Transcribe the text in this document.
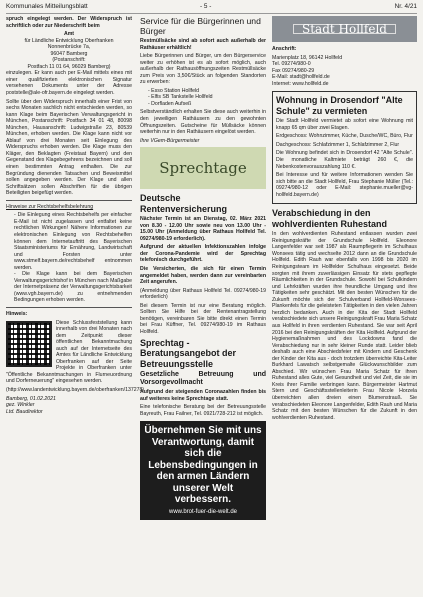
Kommunales Mitteilungsblatt	- 5 -	Nr. 4/21

spruch eingelegt werden. Der Widerspruch ist schriftlich oder zur Niederschrift beim

Amt
für Ländliche Entwicklung Oberfranken
Nonnenbrücke 7a,
96047 Bamberg
(Postanschrift:
Postfach 11 01 64, 96029 Bamberg)

einzulegen. Er kann auch per E-Mail mittels eines mit einer qualifizierten elektronischen Signatur versehenen Dokuments unter der Adresse poststelle@ale-ofr.bayern.de eingelegt werden.

Sollte über den Widerspruch innerhalb einer Frist von sechs Monaten sachlich nicht entschieden werden, so kann Klage beim Bayerischen Verwaltungsgericht in München, Postanschrift: Postfach 34 01 48, 80098 München, Hausanschrift: Ludwigstraße 23, 80539 München, erhoben werden. Die Klage kann nicht vor Ablauf von drei Monaten seit Einlegung des Widerspruchs erhoben werden. Die Klage muss den Kläger, den Beklagten (Freistaat Bayern) und den Gegenstand des Klagebegehrens bezeichnen und soll einen bestimmten Antrag enthalten. Die zur Begründung dienenden Tatsachen und Beweismittel sollen angegeben werden. Der Klage und allen Schriftsätzen sollen Abschriften für die übrigen Beteiligten beigefügt werden.

Hinweise zur Rechtsbehelfsbelehrung

- Die Einlegung eines Rechtsbehelfs per einfacher E-Mail ist nicht zugelassen und entfaltet keine rechtlichen Wirkungen! Nähere Informationen zur elektronischen Einlegung von Rechtsbehelfen können dem Internetauftritt des Bayerischen Staatsministeriums für Ernährung, Landwirtschaft und Forsten unter www.stmelf.bayern.de/rechtsbehelf entnommen werden.
- Die Klage kann bei dem Bayerischen Verwaltungsgerichtshof in München nach Maßgabe der Internetpräsenz der Verwaltungsgerichtsbarkeit (www.vgh.bayern.de) zu entnehmenden Bedingungen erhoben werden.

Hinweis:

Diese Schlussfeststellung kann innerhalb von drei Monaten nach dem Zeitpunkt dieser öffentlichen Bekanntmachung auch auf der Internetseite des Amtes für Ländliche Entwicklung Oberfranken auf der Seite Projekte in Oberfranken unter "Öffentliche Bekanntmachungen in Flurneuordnung und Dorferneuerung" eingesehen werden.

(http://www.landentwicklung.bayern.de/oberfranken/137278)

Bamberg, 01.02.2021
gez. Winkler
Ltd. Baudirektor
Service für die Bürgerinnen und Bürger

Restmüllsäcke sind ab sofort auch außerhalb der Rathäuser erhältlich!

Liebe Bürgerinnen und Bürger, um den Bürgerservice weiter zu erhöhen ist es ab sofort möglich, auch außerhalb der Rathausöffnungszeiten Restmüllsäcke zum Preis von 3,50€/Stück an folgenden Standorten zu erwerben:

- Esso Station Hollfeld
- Elfis SB Tankstelle Hollfeld
- Dorfladen Aufseß

Selbstverständlich erhalten Sie diese auch weiterhin in den jeweiligen Rathäusern zu den gewohnten Öffnungszeiten. Gutscheine für Müllsäcke können weiterhin nur in den Rathäusern eingelöst werden.

Ihre VGem-Bürgermeister

Sprechtage
Deutsche Rentenversicherung

Nächster Termin ist am Dienstag, 02. März 2021 von 8.30 - 12.00 Uhr sowie neu von 13.00 Uhr - 15.00 Uhr (Anmeldung über Rathaus Hollfeld Tel. 09274/980-19 erforderlich).

Aufgrund der aktuellen Infektionszahlen infolge der Corona-Pandemie wird der Sprechtag telefonisch durchgeführt.

Die Versicherten, die sich für einen Termin angemeldet haben, werden dann zur vereinbarten Zeit angerufen.

(Anmeldung über Rathaus Hollfeld Tel. 09274/980-19 erforderlich)

Bei diesem Termin ist nur eine Beratung möglich. Sollten Sie Hilfe bei der Rentenantragstellung benötigen, vereinbaren Sie bitte direkt einen Termin bei Frau Küffner, Tel. 09274/980-19 im Rathaus Hollfeld.

Sprechtag - Beratungsangebot der Betreuungsstelle

Gesetzliche Betreuung und Vorsorgevollmacht

Aufgrund der steigenden Coronazahlen finden bis auf weiteres keine Sprechtage statt.

Eine telefonische Beratung bei der Betreuungsstelle Bayreuth, Frau Failner, Tel. 0921/728-212 ist möglich.

Übernehmen Sie mit uns Verantwortung, damit sich die Lebensbedingungen in den armen Ländern unserer Welt verbessern.
www.brot-fuer-die-welt.de
Stadt Hollfeld

Anschrift:

Marienplatz 18, 96142 Hollfeld
Tel. 09274/980-0
Fax 09274/980-29
E-Mail: stadt@hollfeld.de
Internet: www.hollfeld.de
Wohnung in Drosendorf "Alte Schule" zu vermieten

Die Stadt Hollfeld vermietet ab sofort eine Wohnung mit knapp 65 qm über zwei Etagen.

Erdgeschoss: Wohnzimmer, Küche, Dusche/WC, Büro, Flur

Dachgeschoss: Schlafzimmer 1, Schlafzimmer 2, Flur

Die Wohnung befindet sich in Drosendorf 42 "Alte Schule". Die monatliche Kaltmiete beträgt 260 €, die Nebenkostenvorauszahlung 110 €.

Bei Interesse und für weitere Informationen wenden Sie sich bitte an die Stadt Hollfeld, Frau Stephanie Müller (Tel.: 09274/980-12 oder E-Mail: stephanie.mueller@vg-hollfeld.bayern.de)

Verabschiedung in den wohlverdienten Ruhestand

In den wohlverdienten Ruhestand entlassen wurden zwei Reinigungskräfte der Grundschule Hollfeld. Eleonore Langenfelder war seit 1987 als Raumpflegerin im Schulhaus Wonsees tätig und wechselte 2012 dann an die Grundschule Hollfeld. Edith Rauh war ebenfalls von 1998 bis 2020 im Reinigungsteam im Hollfelder Schulhaus eingesetzt. Beide sorgten mit ihrem zuverlässigen Einsatz für stets gepflegte Räumlichkeiten in der Grundschule. Sowohl bei Schulkindern und Lehrkräften wurden ihre freundliche Umgang und ihre Tätigkeiten sehr geschätzt. Mit den besten Wünschen für die Zukunft möchte sich der Schulverband Hollfeld-Wonsees-Plankenfels für die geleisteten Tätigkeiten in den vielen Jahren herzlich bedanken. Auch in der Kita der Stadt Hollfeld verabschiedete sich unsere Reinigungskraft Frau Maria Schatz aus Hollfeld in ihren verdienten Ruhestand. Sie war seit April 2016 bei den Reinigungskräften der Kita Hollfeld. Aufgrund der Hygienemaßnahmen und des Lockdowns fand die Verabschiedung nur in sehr kleiner Runde statt. Leider blieb deshalb auch eine Abschiedsfeier mit Kindern und Geschenk der Kinder der Kita aus - doch trotzdem überreichte Kita-Leiter Burkhard Lawatsch selbstgemalte Glückwunschbilder zum Abschied. Wir wünschen Frau Maria Schatz für ihren Ruhestand alles Gute, viel Gesundheit und viel Zeit, die sie im Kreis ihrer Familie verbringen kann. Bürgermeister Hartmut Stern und Geschäftsstellenleiterin Frau Nicole Horzela überreichten allen dreien einen Blumenstrauß. Sie verabschiedeten Eleonore Langenfelder, Edith Rauh und Maria Schatz mit den besten Wünschen für die Zukunft in den wohlverdienten Ruhestand.
